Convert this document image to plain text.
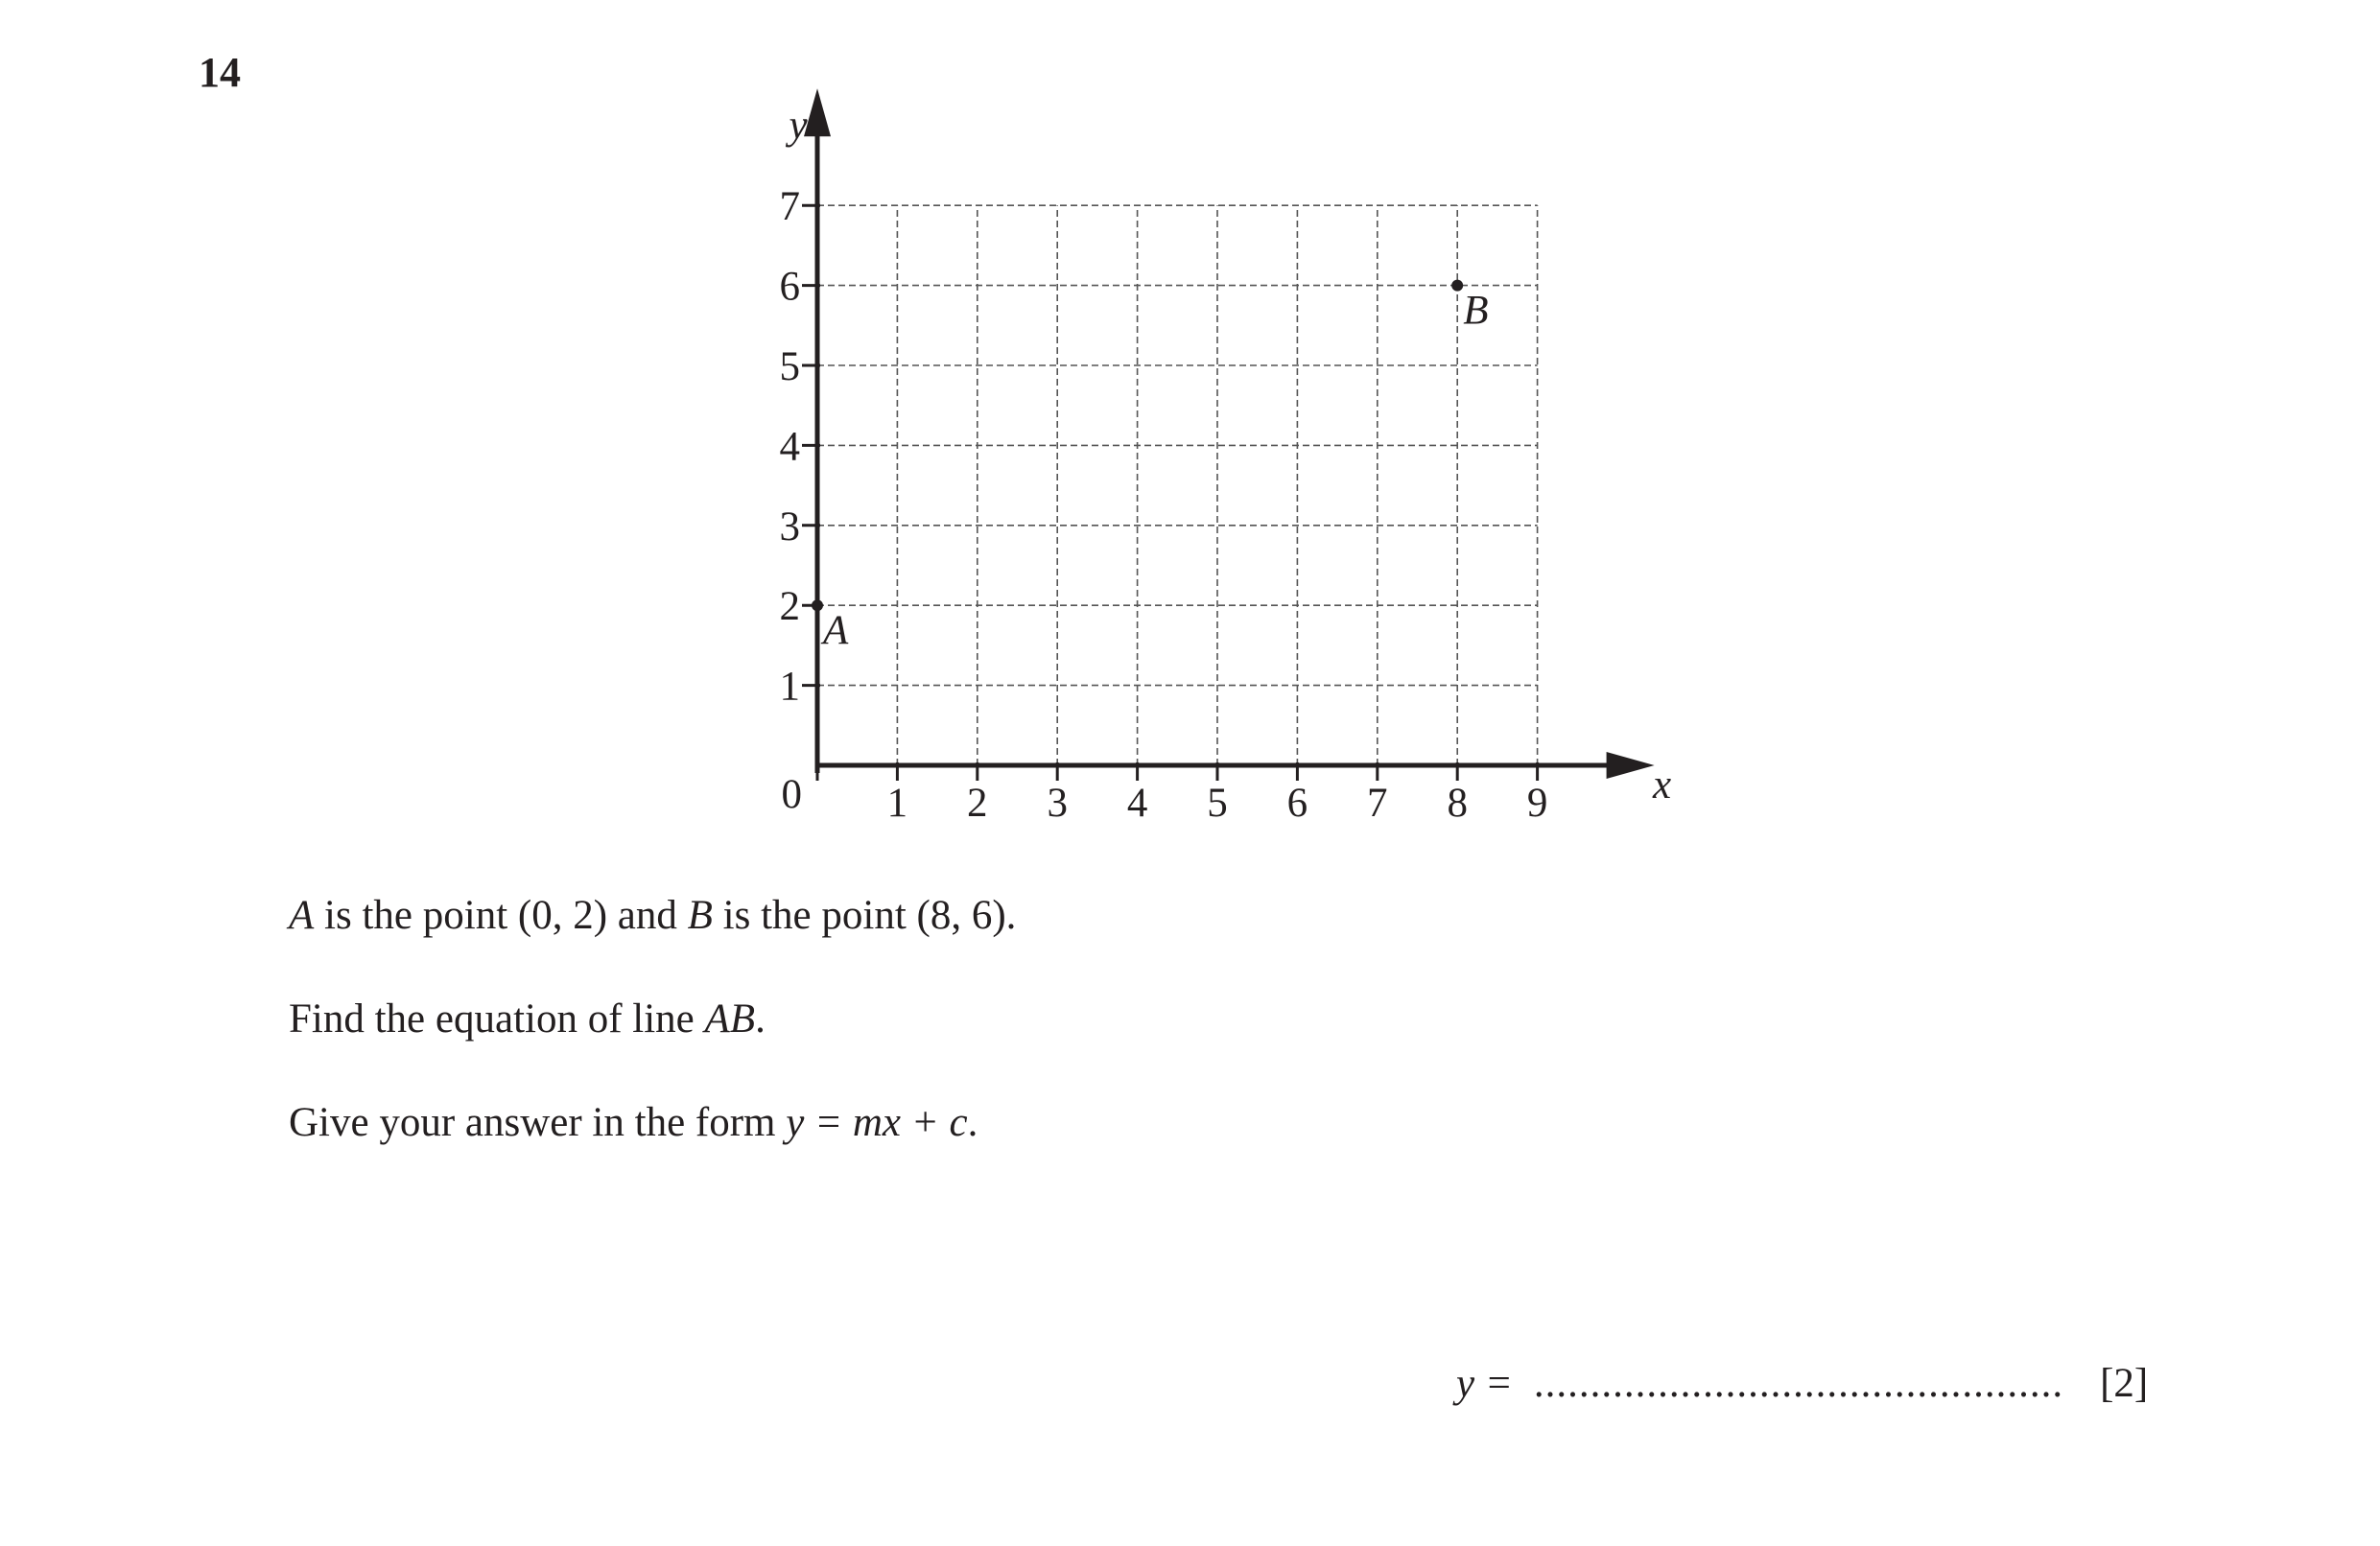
14
1 2 3 4 5 6 7 8 9
1
2
3
4
5
6
7
0	x
y
A
B
A is the point (0, 2) and B is the point (8, 6).
Find the equation of line AB.
Give your answer in the form y = mx + c.
y = ............................................... [2]
